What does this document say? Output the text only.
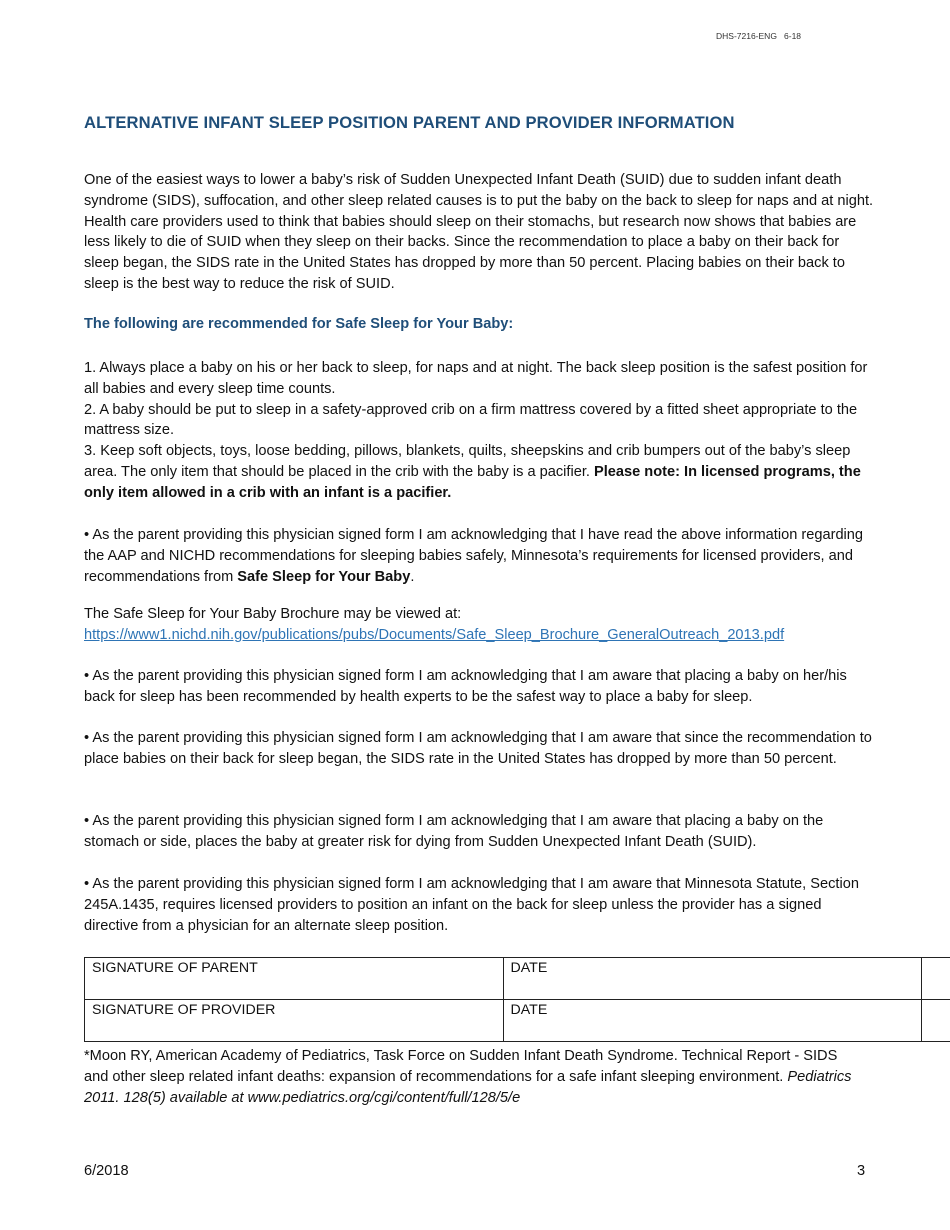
DHS-7216-ENG   6-18
ALTERNATIVE INFANT SLEEP POSITION PARENT AND PROVIDER INFORMATION

One of the easiest ways to lower a baby’s risk of Sudden Unexpected Infant Death (SUID) due to sudden infant death syndrome (SIDS), suffocation, and other sleep related causes is to put the baby on the back to sleep for naps and at night. Health care providers used to think that babies should sleep on their stomachs, but research now shows that babies are less likely to die of SUID when they sleep on their backs. Since the recommendation to place a baby on their back for sleep began, the SIDS rate in the United States has dropped by more than 50 percent. Placing babies on their back to sleep is the best way to reduce the risk of SUID.

The following are recommended for Safe Sleep for Your Baby:

1. Always place a baby on his or her back to sleep, for naps and at night. The back sleep position is the safest position for all babies and every sleep time counts.
2. A baby should be put to sleep in a safety-approved crib on a firm mattress covered by a fitted sheet appropriate to the mattress size.
3. Keep soft objects, toys, loose bedding, pillows, blankets, quilts, sheepskins and crib bumpers out of the baby’s sleep area. The only item that should be placed in the crib with the baby is a pacifier. Please note: In licensed programs, the only item allowed in a crib with an infant is a pacifier.

• As the parent providing this physician signed form I am acknowledging that I have read the above information regarding the AAP and NICHD recommendations for sleeping babies safely, Minnesota’s requirements for licensed providers, and recommendations from Safe Sleep for Your Baby.

The Safe Sleep for Your Baby Brochure may be viewed at:
https://www1.nichd.nih.gov/publications/pubs/Documents/Safe_Sleep_Brochure_GeneralOutreach_2013.pdf

• As the parent providing this physician signed form I am acknowledging that I am aware that placing a baby on her/his back for sleep has been recommended by health experts to be the safest way to place a baby for sleep.

• As the parent providing this physician signed form I am acknowledging that I am aware that since the recommendation to place babies on their back for sleep began, the SIDS rate in the United States has dropped by more than 50 percent.

• As the parent providing this physician signed form I am acknowledging that I am aware that placing a baby on the stomach or side, places the baby at greater risk for dying from Sudden Unexpected Infant Death (SUID).

• As the parent providing this physician signed form I am acknowledging that I am aware that Minnesota Statute, Section 245A.1435, requires licensed providers to position an infant on the back for sleep unless the provider has a signed directive from a physician for an alternate sleep position.

SIGNATURE OF PARENT	DATE	
SIGNATURE OF PROVIDER	DATE	

*Moon RY, American Academy of Pediatrics, Task Force on Sudden Infant Death Syndrome. Technical Report - SIDS and other sleep related infant deaths: expansion of recommendations for a safe infant sleeping environment. Pediatrics 2011. 128(5) available at www.pediatrics.org/cgi/content/full/128/5/e

6/2018	3
